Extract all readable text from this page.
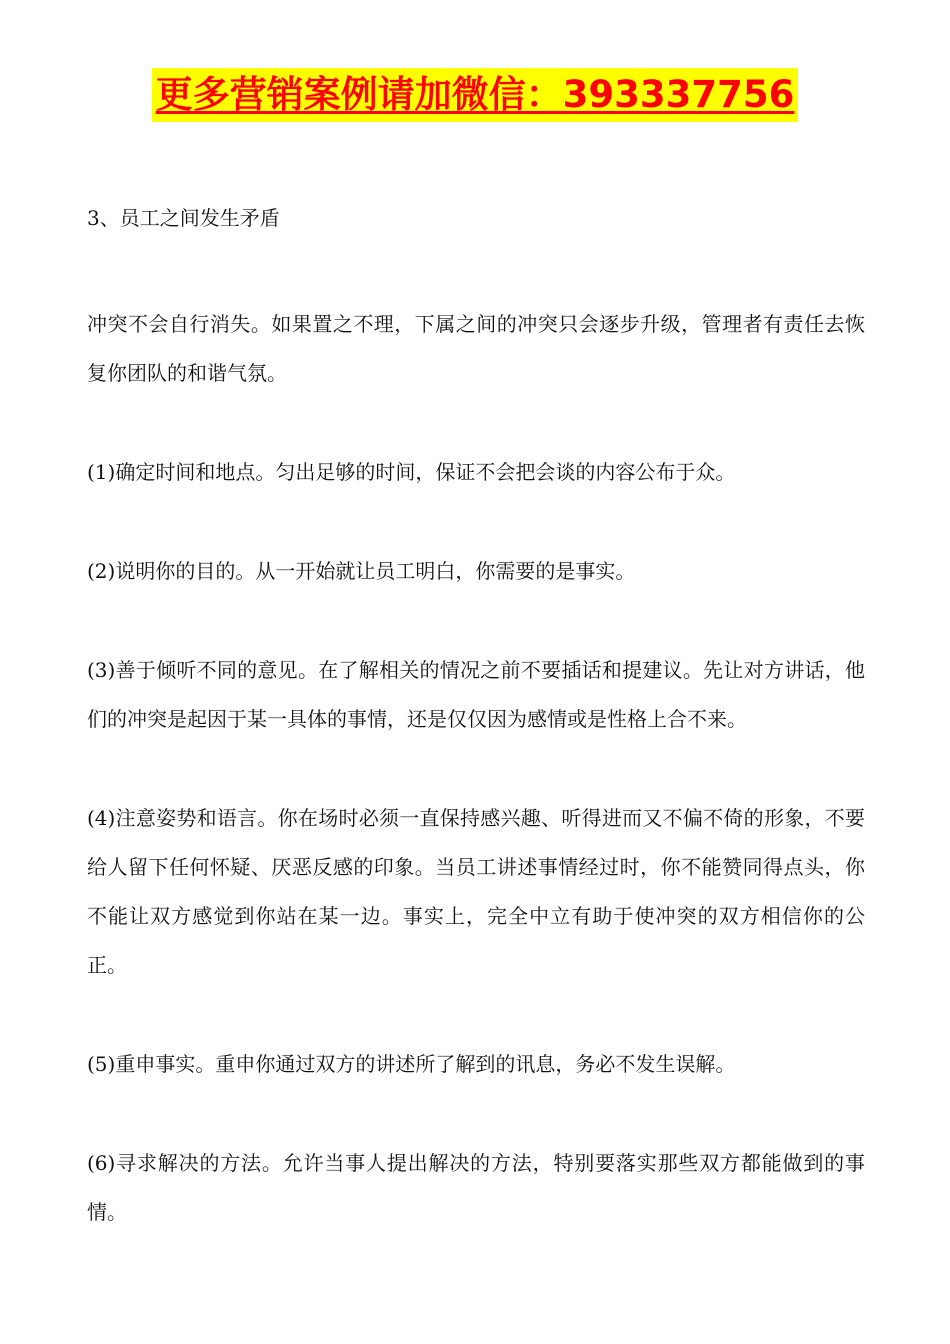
更多营销案例请加微信：393337756
3、员工之间发生矛盾

冲突不会自行消失。如果置之不理，下属之间的冲突只会逐步升级，管理者有责任去恢复你团队的和谐气氛。

(1)确定时间和地点。匀出足够的时间，保证不会把会谈的内容公布于众。

(2)说明你的目的。从一开始就让员工明白，你需要的是事实。

(3)善于倾听不同的意见。在了解相关的情况之前不要插话和提建议。先让对方讲话，他们的冲突是起因于某一具体的事情，还是仅仅因为感情或是性格上合不来。

(4)注意姿势和语言。你在场时必须一直保持感兴趣、听得进而又不偏不倚的形象，不要给人留下任何怀疑、厌恶反感的印象。当员工讲述事情经过时，你不能赞同得点头，你不能让双方感觉到你站在某一边。事实上，完全中立有助于使冲突的双方相信你的公正。

(5)重申事实。重申你通过双方的讲述所了解到的讯息，务必不发生误解。

(6)寻求解决的方法。允许当事人提出解决的方法，特别要落实那些双方都能做到的事情。
